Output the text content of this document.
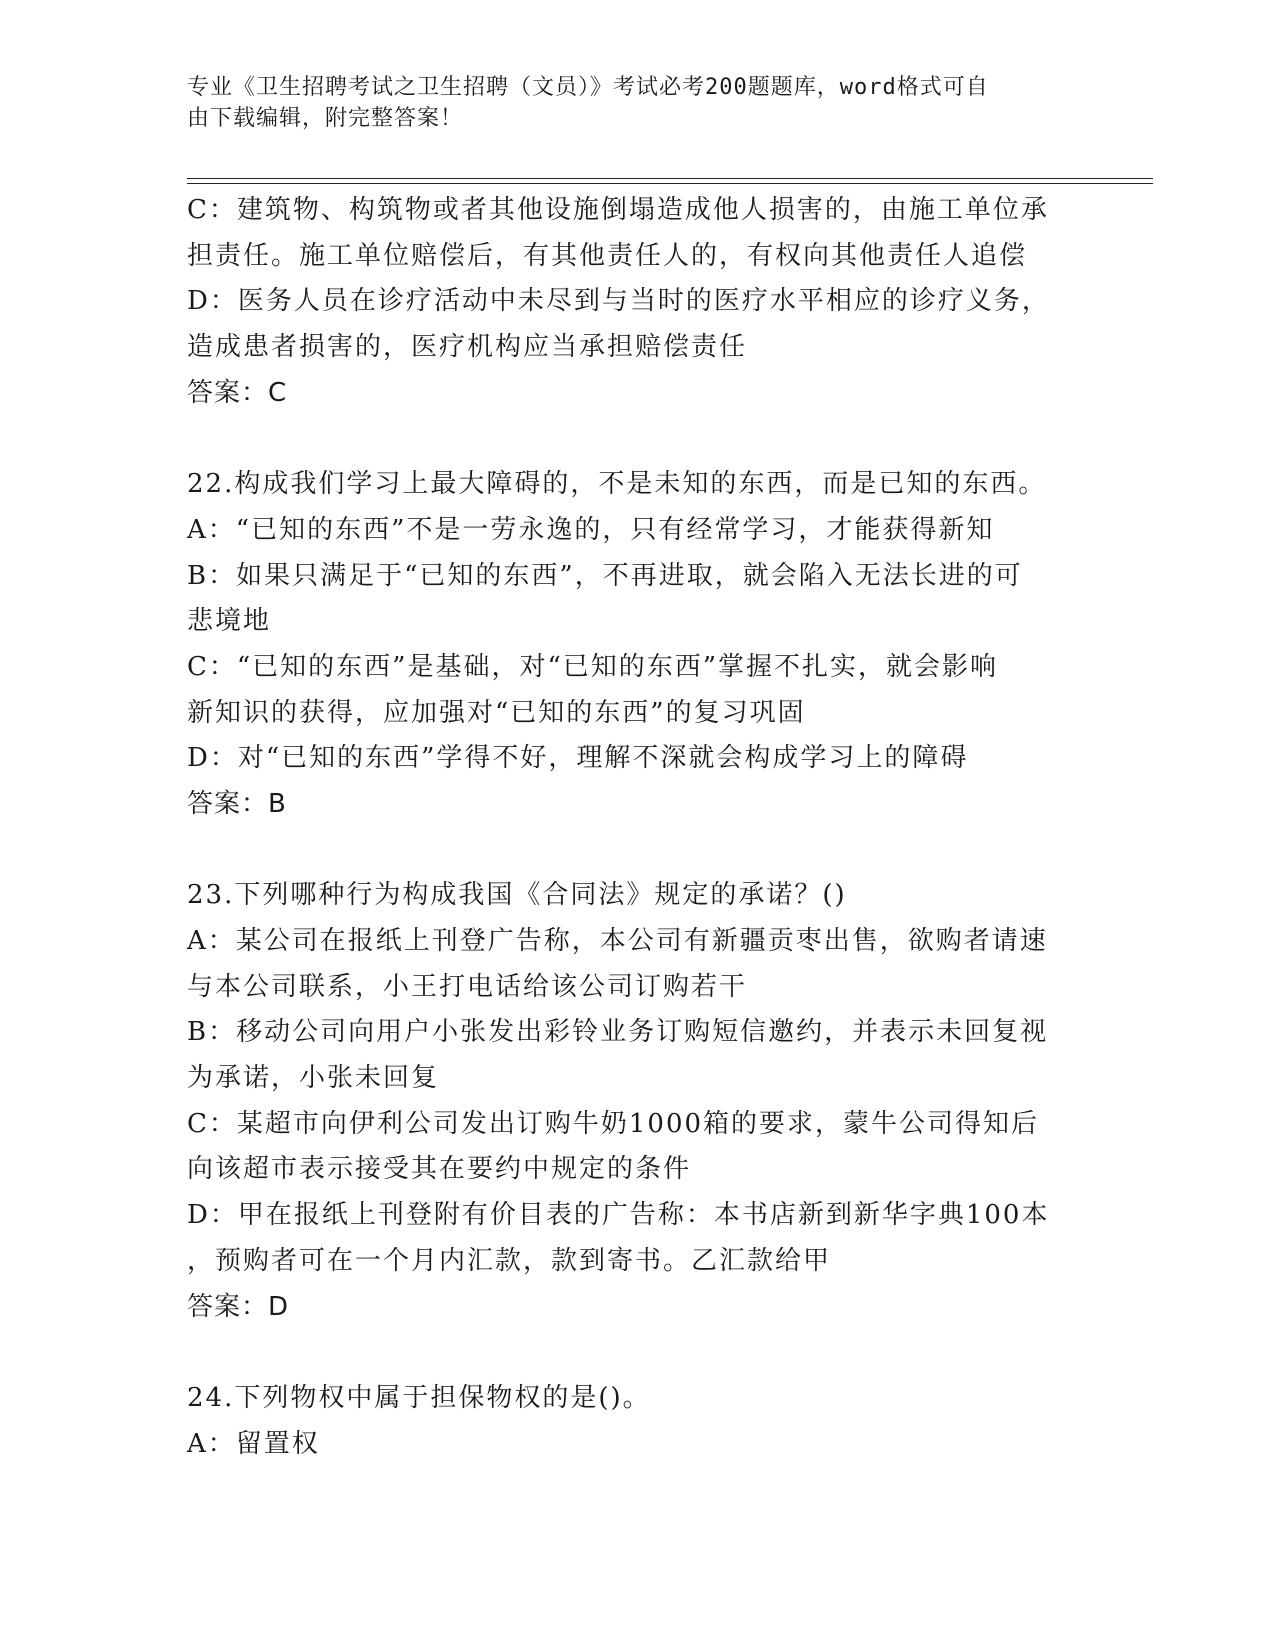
专业《卫生招聘考试之卫生招聘（文员）》考试必考200题题库，word格式可自
由下载编辑，附完整答案！
C：建筑物、构筑物或者其他设施倒塌造成他人损害的，由施工单位承
担责任。施工单位赔偿后，有其他责任人的，有权向其他责任人追偿
D：医务人员在诊疗活动中未尽到与当时的医疗水平相应的诊疗义务，
造成患者损害的，医疗机构应当承担赔偿责任
答案：C
22.构成我们学习上最大障碍的，不是未知的东西，而是已知的东西。
A：“已知的东西”不是一劳永逸的，只有经常学习，才能获得新知
B：如果只满足于“已知的东西”，不再进取，就会陷入无法长进的可
悲境地
C：“已知的东西”是基础，对“已知的东西”掌握不扎实，就会影响
新知识的获得，应加强对“已知的东西”的复习巩固
D：对“已知的东西”学得不好，理解不深就会构成学习上的障碍
答案：B
23.下列哪种行为构成我国《合同法》规定的承诺？()
A：某公司在报纸上刊登广告称，本公司有新疆贡枣出售，欲购者请速
与本公司联系，小王打电话给该公司订购若干
B：移动公司向用户小张发出彩铃业务订购短信邀约，并表示未回复视
为承诺，小张未回复
C：某超市向伊利公司发出订购牛奶1000箱的要求，蒙牛公司得知后
向该超市表示接受其在要约中规定的条件
D：甲在报纸上刊登附有价目表的广告称：本书店新到新华字典100本
，预购者可在一个月内汇款，款到寄书。乙汇款给甲
答案：D
24.下列物权中属于担保物权的是()。
A：留置权
